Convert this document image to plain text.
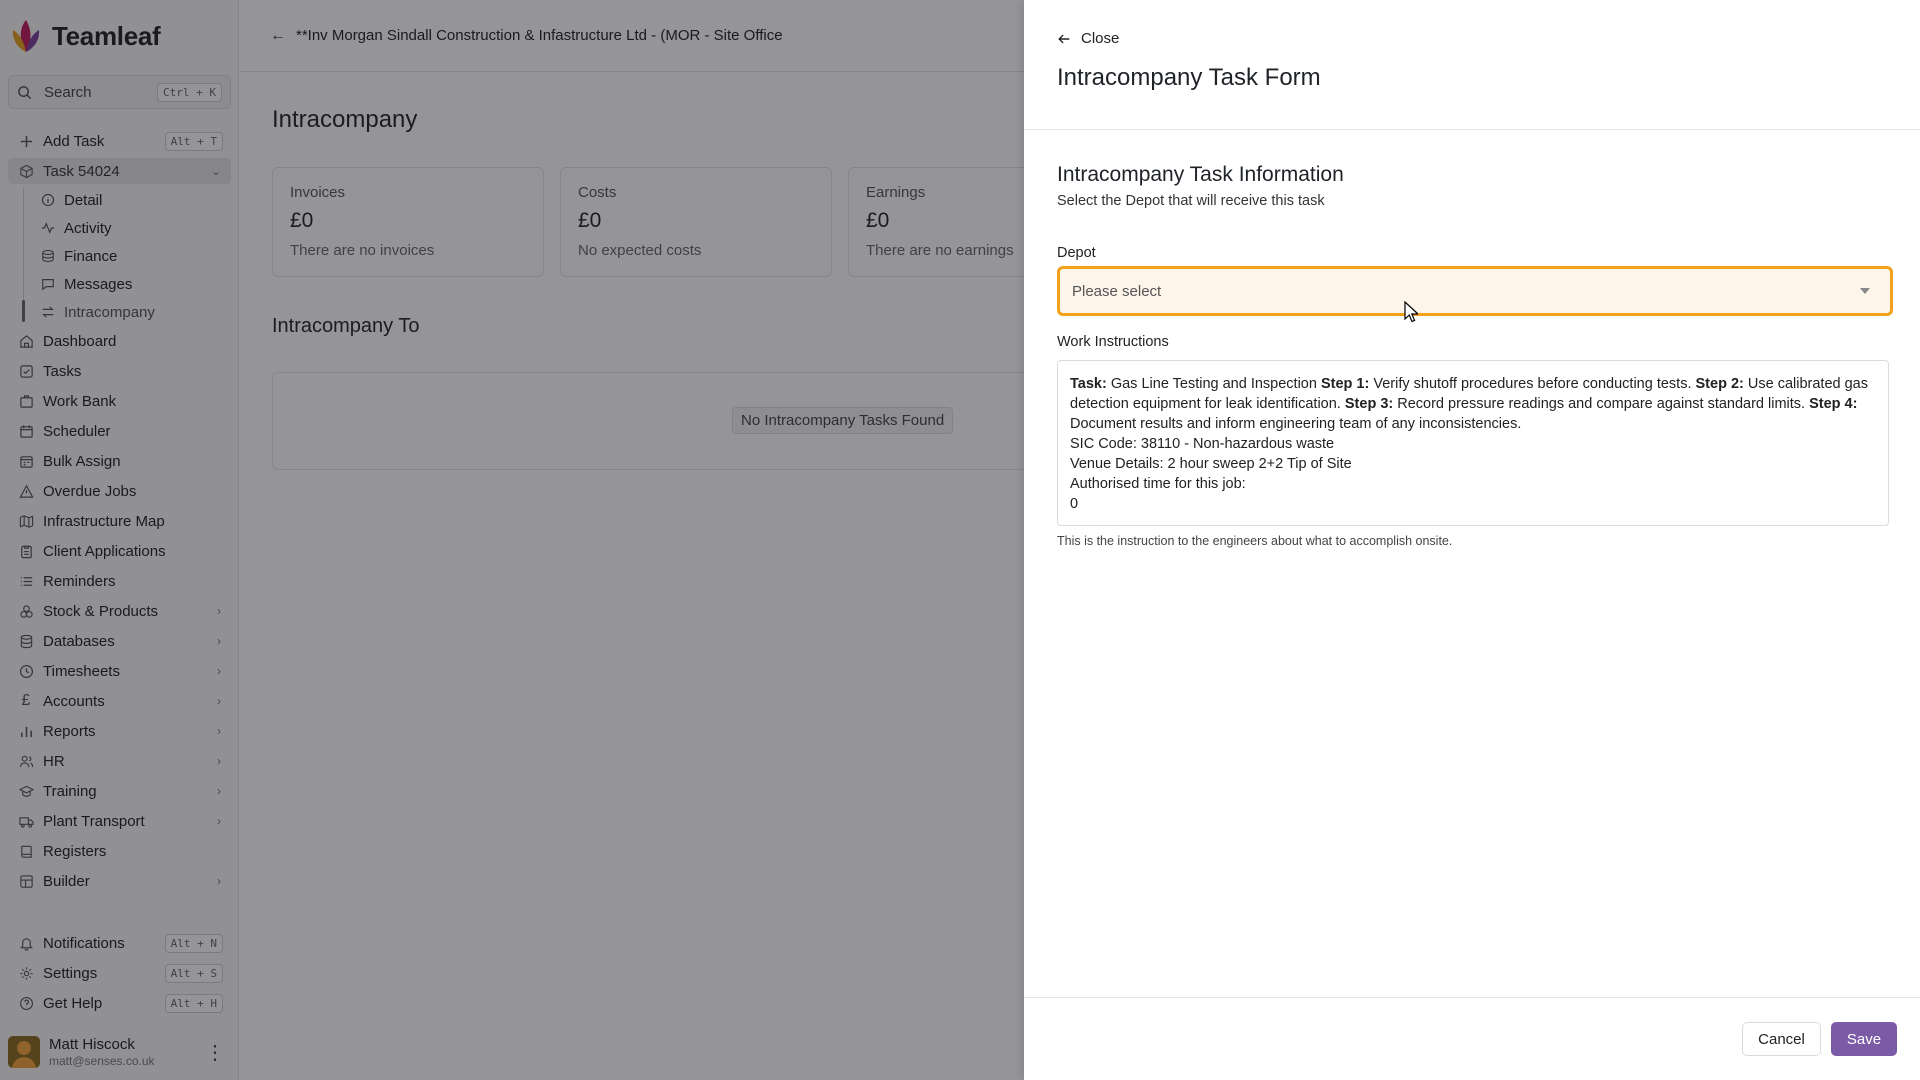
Teamleaf
Search	Ctrl + K
Add Task	Alt + T
Task 54024	⌄
Detail
Activity
Finance
Messages
Intracompany
Dashboard
Tasks
Work Bank
Scheduler
Bulk Assign
Overdue Jobs
Infrastructure Map
Client Applications
Reminders
Stock & Products	›
Databases	›
Timesheets	›
£ Accounts	›
Reports	›
HR	›
Training	›
Plant Transport	›
Registers
Builder	›
Notifications	Alt + N
Settings	Alt + S
Get Help	Alt + H
Matt Hiscock
matt@senses.co.uk	⋮
← **Inv Morgan Sindall Construction & Infastructure Ltd - (MOR - Site Office
Intracompany
Invoices
£0
There are no invoices
Costs
£0
No expected costs
Earnings
£0
There are no earnings
Intracompany To
No Intracompany Tasks Found
Close
Intracompany Task Form
Intracompany Task Information
Select the Depot that will receive this task
Depot
Please select
Work Instructions
Task: Gas Line Testing and Inspection Step 1: Verify shutoff procedures before conducting tests. Step 2: Use calibrated gas detection equipment for leak identification. Step 3: Record pressure readings and compare against standard limits. Step 4: Document results and inform engineering team of any inconsistencies.
SIC Code: 38110 - Non-hazardous waste
Venue Details: 2 hour sweep 2+2 Tip of Site
Authorised time for this job:
0
This is the instruction to the engineers about what to accomplish onsite.
Cancel	Save
